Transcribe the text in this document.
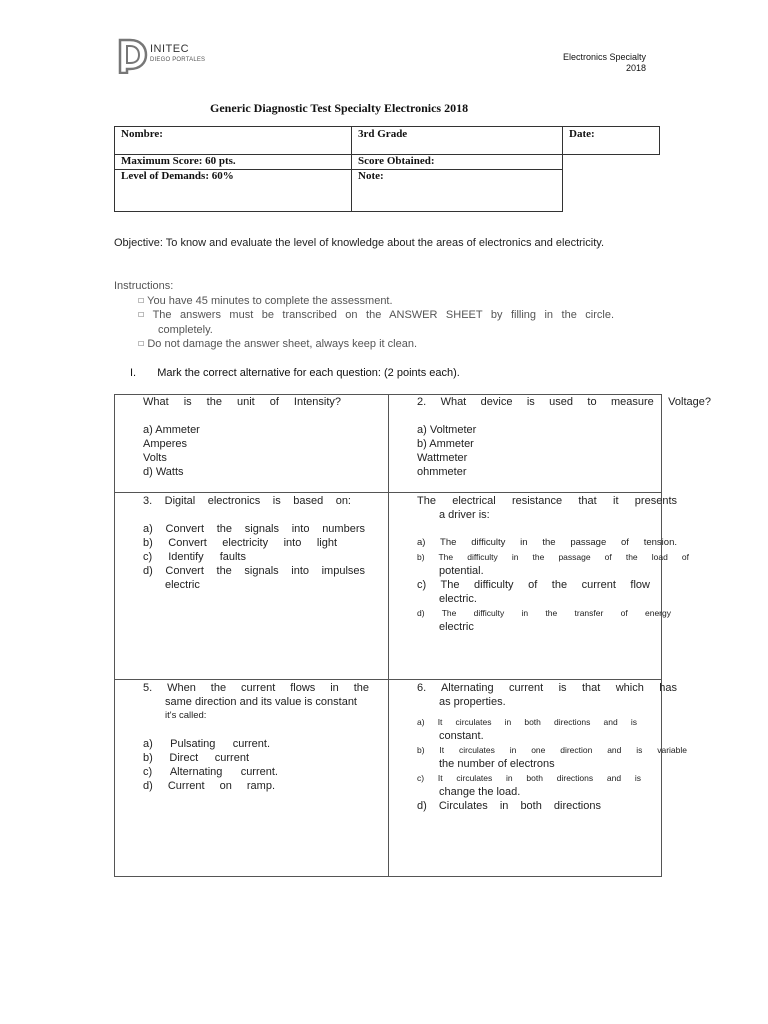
INITEC
DIEGO PORTALES	Electronics Specialty
2018
Generic Diagnostic Test Specialty Electronics 2018
Nombre:	3rd Grade	Date:
Maximum Score: 60 pts.	Score Obtained:
Level of Demands: 60%	Note:
Objective: To know and evaluate the level of knowledge about the areas of electronics and electricity.
Instructions:
☐ You have 45 minutes to complete the assessment.
☐ The answers must be transcribed on the ANSWER SHEET by filling in the circle.
completely.
☐ Do not damage the answer sheet, always keep it clean.
I. Mark the correct alternative for each question: (2 points each).
What is the unit of Intensity?
a) Ammeter
Amperes
Volts
d) Watts
2. What device is used to measure Voltage?
a) Voltmeter
b) Ammeter
Wattmeter
ohmmeter
3. Digital electronics is based on:
a) Convert the signals into numbers
b) Convert electricity into light
c) Identify faults
d) Convert the signals into impulses
electric
The electrical resistance that it presents
a driver is:
a) The difficulty in the passage of tension.
b) The difficulty in the passage of the load of
potential.
c) The difficulty of the current flow
electric.
d) The difficulty in the transfer of energy
electric
5. When the current flows in the
same direction and its value is constant
it's called:
a) Pulsating current.
b) Direct current
c) Alternating current.
d) Current on ramp.
6. Alternating current is that which has
as properties.
a) It circulates in both directions and is
constant.
b) It circulates in one direction and is variable
the number of electrons
c) It circulates in both directions and is
change the load.
d) Circulates in both directions
